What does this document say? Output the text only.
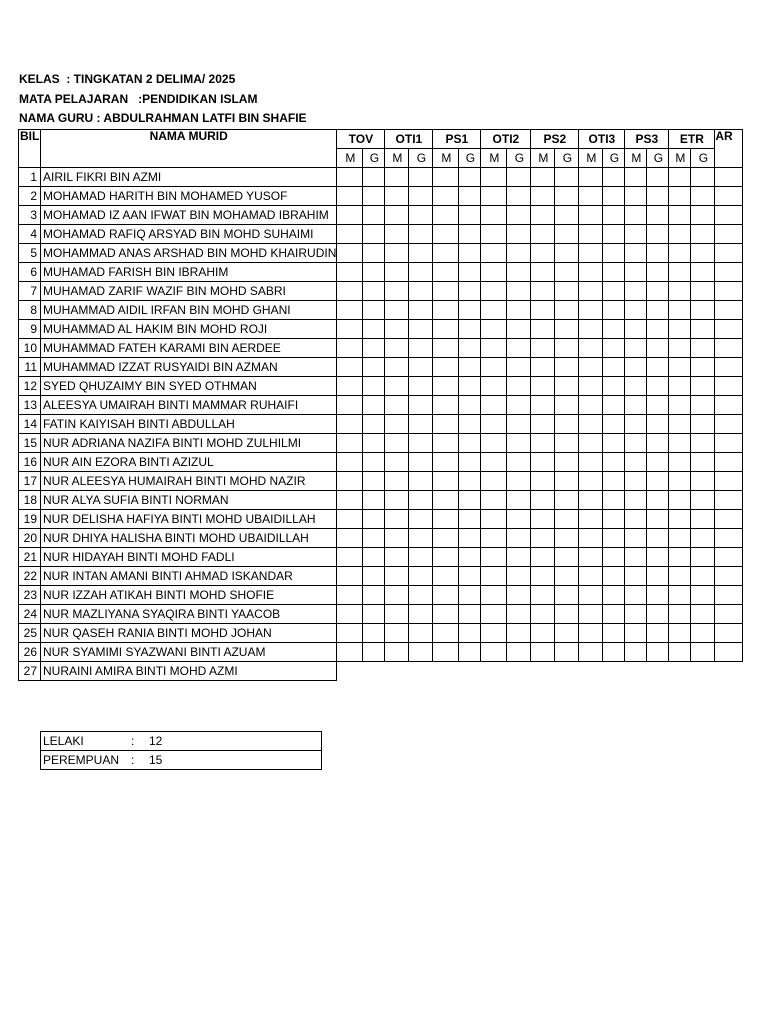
KELAS  : TINGKATAN 2 DELIMA/ 2025
MATA PELAJARAN   :PENDIDIKAN ISLAM
NAMA GURU : ABDULRAHMAN LATFI BIN SHAFIE
BIL	NAMA MURID	TOV		OTI1		PS1		OTI2		PS2		OTI3		PS3		ETR		AR
		M	G	M	G	M	G	M	G	M	G	M	G	M	G	M	G	
1	AIRIL FIKRI BIN AZMI																	
2	MOHAMAD HARITH BIN MOHAMED YUSOF																	
3	MOHAMAD IZ AAN IFWAT BIN MOHAMAD IBRAHIM																	
4	MOHAMAD RAFIQ ARSYAD BIN MOHD SUHAIMI																	
5	MOHAMMAD ANAS ARSHAD BIN MOHD KHAIRUDIN																	
6	MUHAMAD FARISH BIN IBRAHIM																	
7	MUHAMAD ZARIF WAZIF BIN MOHD SABRI																	
8	MUHAMMAD AIDIL IRFAN BIN MOHD GHANI																	
9	MUHAMMAD AL HAKIM BIN MOHD ROJI																	
10	MUHAMMAD FATEH KARAMI BIN AERDEE																	
11	MUHAMMAD IZZAT RUSYAIDI BIN AZMAN																	
12	SYED QHUZAIMY BIN SYED OTHMAN																	
13	ALEESYA UMAIRAH BINTI MAMMAR RUHAIFI																	
14	FATIN KAIYISAH BINTI ABDULLAH																	
15	NUR ADRIANA NAZIFA BINTI MOHD ZULHILMI																	
16	NUR AIN EZORA BINTI AZIZUL																	
17	NUR ALEESYA HUMAIRAH BINTI MOHD NAZIR																	
18	NUR ALYA SUFIA BINTI NORMAN																	
19	NUR DELISHA HAFIYA BINTI MOHD UBAIDILLAH																	
20	NUR DHIYA HALISHA BINTI MOHD UBAIDILLAH																	
21	NUR HIDAYAH BINTI MOHD FADLI																	
22	NUR INTAN AMANI BINTI AHMAD ISKANDAR																	
23	NUR IZZAH ATIKAH BINTI MOHD SHOFIE																	
24	NUR MAZLIYANA SYAQIRA BINTI YAACOB																	
25	NUR QASEH RANIA BINTI MOHD JOHAN																	
26	NUR SYAMIMI SYAZWANI BINTI AZUAM																	
27	NURAINI AMIRA BINTI MOHD AZMI																	
LELAKI	:	12
PEREMPUAN	:	15
